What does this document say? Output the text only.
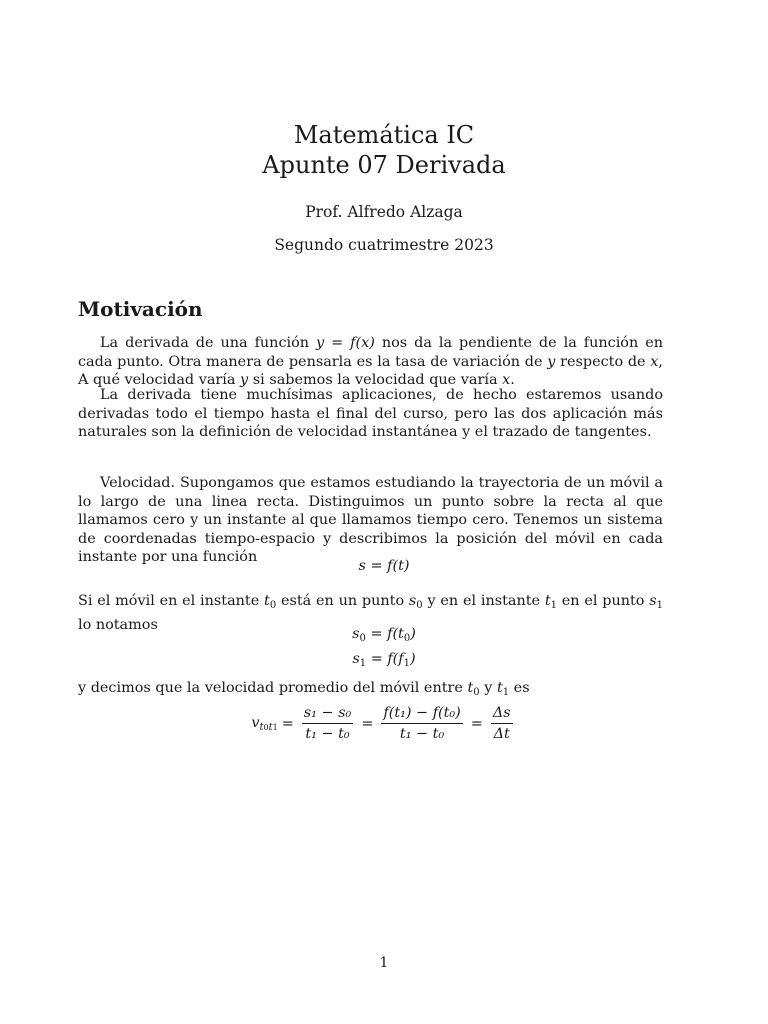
Matemática IC
Apunte 07 Derivada
Prof. Alfredo Alzaga
Segundo cuatrimestre 2023
Motivación
La derivada de una función y = f(x) nos da la pendiente de la función en cada punto. Otra manera de pensarla es la tasa de variación de y respecto de x, A qué velocidad varía y si sabemos la velocidad que varía x.
La derivada tiene muchísimas aplicaciones, de hecho estaremos usando derivadas todo el tiempo hasta el final del curso, pero las dos aplicación más naturales son la definición de velocidad instantánea y el trazado de tangentes.
Velocidad. Supongamos que estamos estudiando la trayectoria de un móvil a lo largo de una linea recta. Distinguimos un punto sobre la recta al que llamamos cero y un instante al que llamamos tiempo cero. Tenemos un sistema de coordenadas tiempo-espacio y describimos la posición del móvil en cada instante por una función
s = f(t)
Si el móvil en el instante $t_0$ está en un punto $s_0$ y en el instante $t_1$ en el punto $s_1$ lo notamos
$s_0 = f(t_0)$
$s_1 = f(f_1)$
y decimos que la velocidad promedio del móvil entre $t_0$ y $t_1$ es
$v_{t0t1} = \frac{\text{s₁ − s₀}}{\text{t₁ − t₀}} = \frac{\text{f(t₁) − f(t₀)}}{\text{t₁ − t₀}} = \frac{\Delta s}{\Delta t}$
1
